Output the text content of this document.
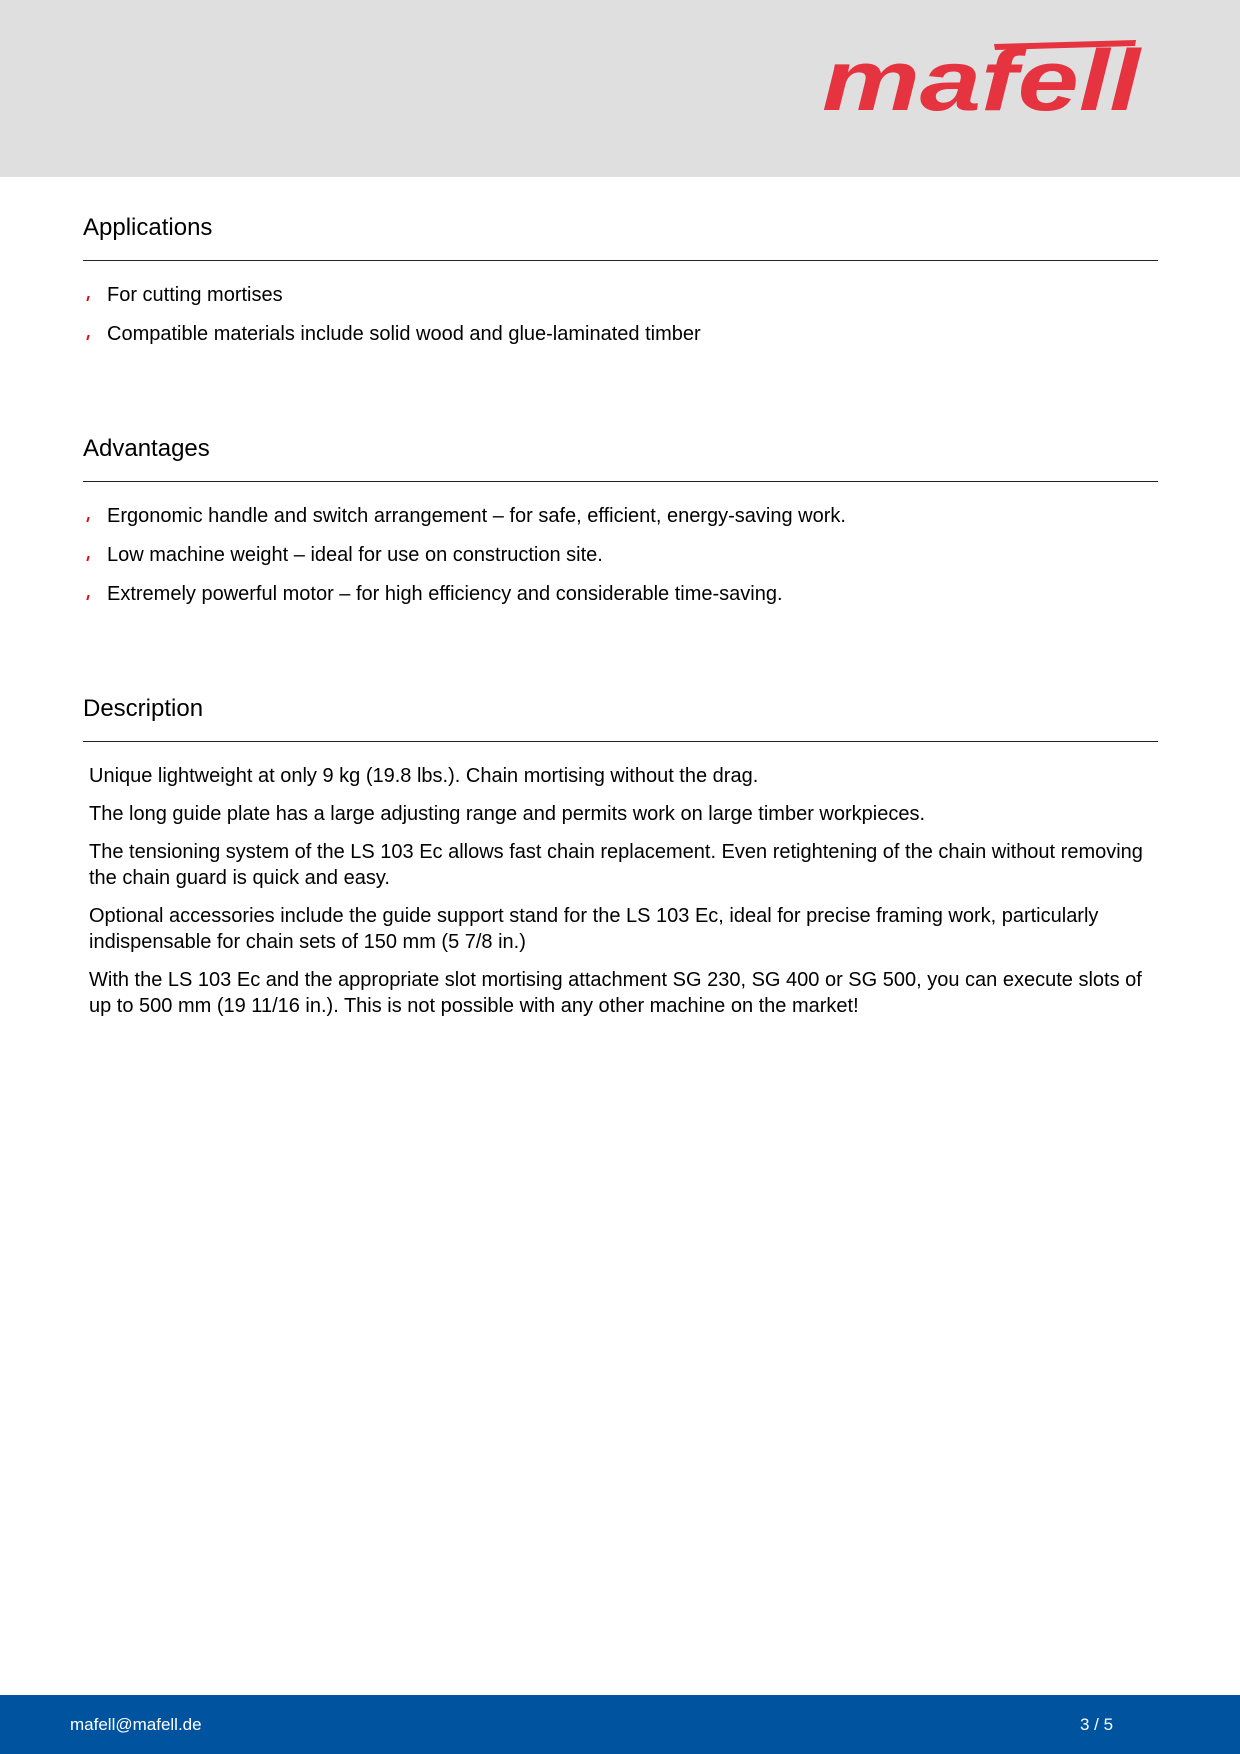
mafell
Applications
For cutting mortises
Compatible materials include solid wood and glue-laminated timber
Advantages
Ergonomic handle and switch arrangement – for safe, efficient, energy-saving work.
Low machine weight – ideal for use on construction site.
Extremely powerful motor – for high efficiency and considerable time-saving.
Description

Unique lightweight at only 9 kg (19.8 lbs.). Chain mortising without the drag.

The long guide plate has a large adjusting range and permits work on large timber workpieces.

The tensioning system of the LS 103 Ec allows fast chain replacement. Even retightening of the chain without removing the chain guard is quick and easy.

Optional accessories include the guide support stand for the LS 103 Ec, ideal for precise framing work, particularly indispensable for chain sets of 150 mm (5 7/8 in.)

With the LS 103 Ec and the appropriate slot mortising attachment SG 230, SG 400 or SG 500, you can execute slots of up to 500 mm (19 11/16 in.). This is not possible with any other machine on the market!

mafell@mafell.de	3 / 5
